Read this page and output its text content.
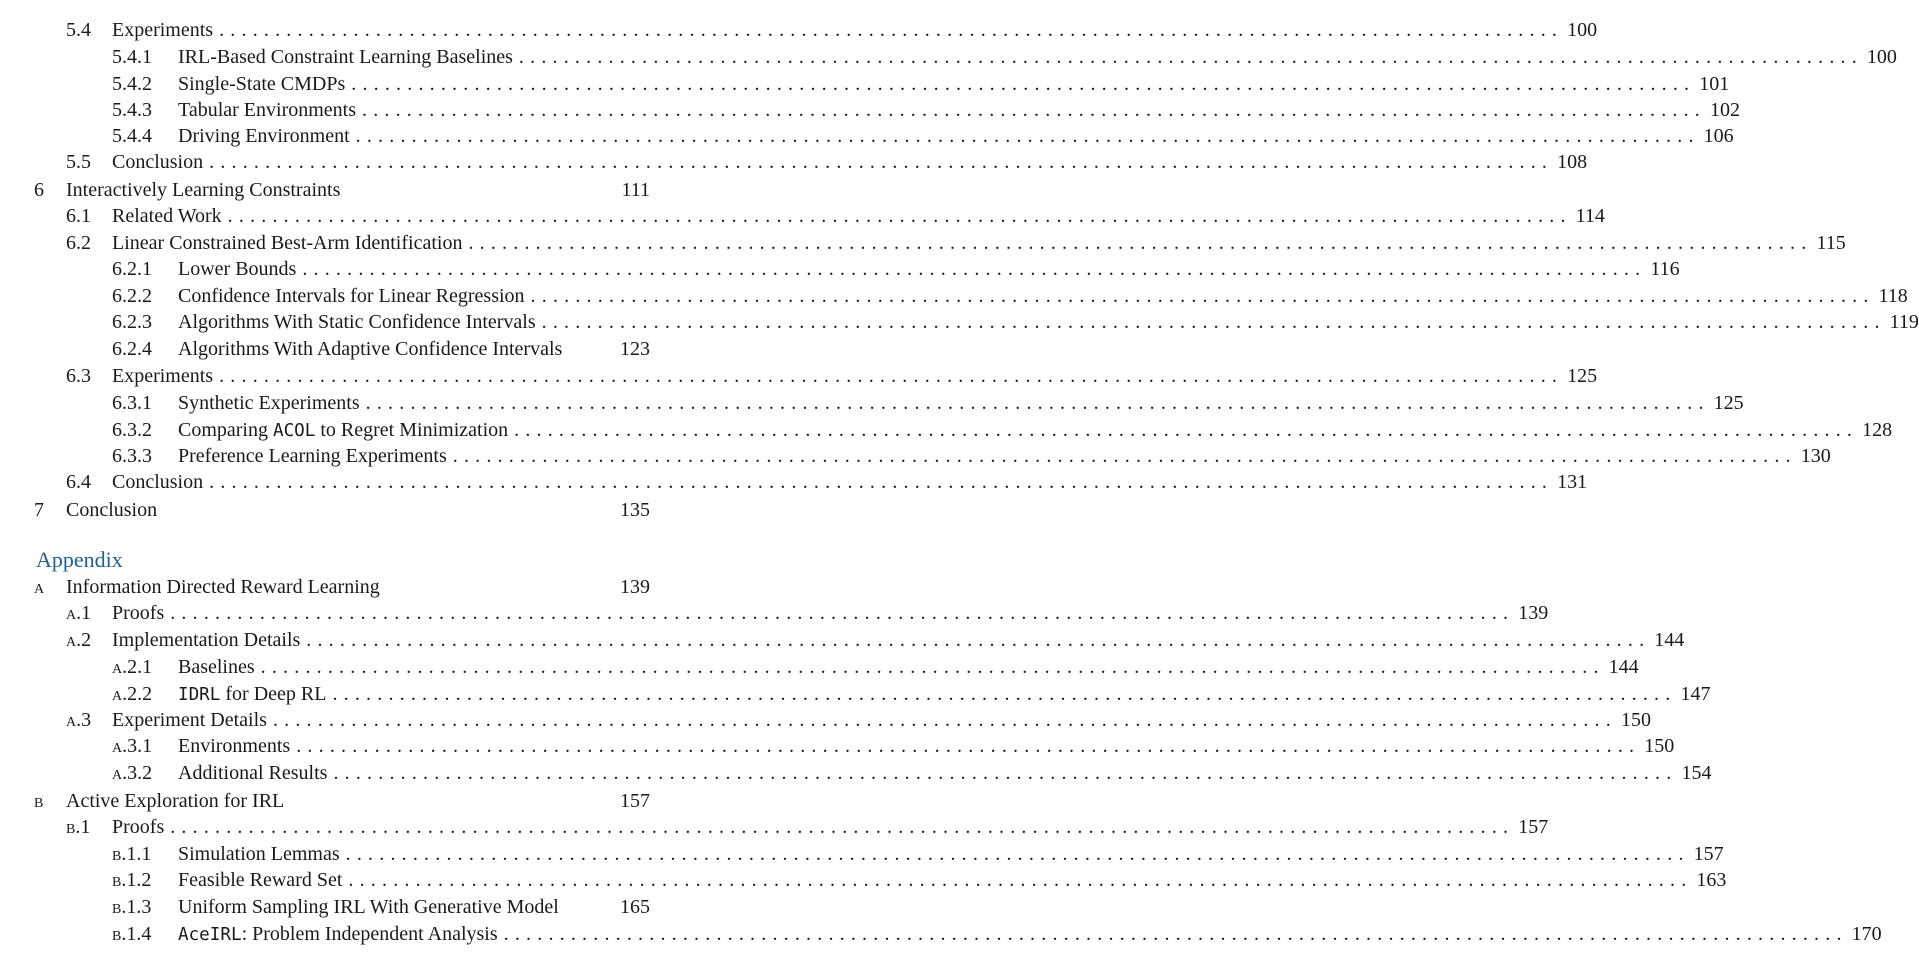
5.4	Experiments ........................................................................................................................ 100
5.4.1	IRL-Based Constraint Learning Baselines ........................................................................................................................ 100
5.4.2	Single-State CMDPs ........................................................................................................................ 101
5.4.3	Tabular Environments ........................................................................................................................ 102
5.4.4	Driving Environment ........................................................................................................................ 106
5.5	Conclusion ........................................................................................................................ 108
6	Interactively Learning Constraints	111
6.1	Related Work ........................................................................................................................ 114
6.2	Linear Constrained Best-Arm Identification ........................................................................................................................ 115
6.2.1	Lower Bounds ........................................................................................................................ 116
6.2.2	Confidence Intervals for Linear Regression ........................................................................................................................ 118
6.2.3	Algorithms With Static Confidence Intervals ........................................................................................................................ 119
6.2.4	Algorithms With Adaptive Confidence Intervals	123
6.3	Experiments ........................................................................................................................ 125
6.3.1	Synthetic Experiments ........................................................................................................................ 125
6.3.2	Comparing ACOL to Regret Minimization ........................................................................................................................ 128
6.3.3	Preference Learning Experiments ........................................................................................................................ 130
6.4	Conclusion ........................................................................................................................ 131
7	Conclusion	135
a	Information Directed Reward Learning	139
a.1	Proofs ........................................................................................................................ 139
a.2	Implementation Details ........................................................................................................................ 144
a.2.1	Baselines ........................................................................................................................ 144
a.2.2	IDRL for Deep RL ........................................................................................................................ 147
a.3	Experiment Details ........................................................................................................................ 150
a.3.1	Environments ........................................................................................................................ 150
a.3.2	Additional Results ........................................................................................................................ 154
b	Active Exploration for IRL	157
b.1	Proofs ........................................................................................................................ 157
b.1.1	Simulation Lemmas ........................................................................................................................ 157
b.1.2	Feasible Reward Set ........................................................................................................................ 163
b.1.3	Uniform Sampling IRL With Generative Model	165
b.1.4	AceIRL: Problem Independent Analysis ........................................................................................................................ 170
Appendix
